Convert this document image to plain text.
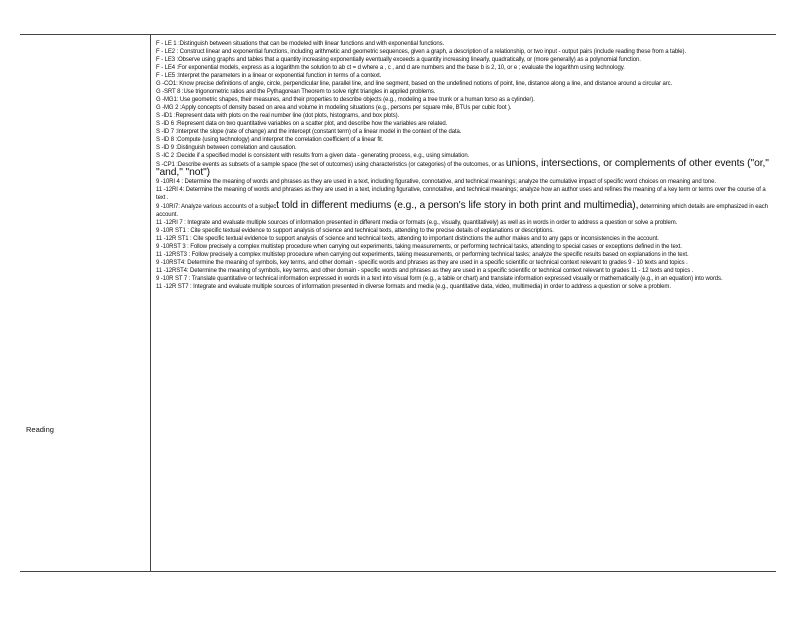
Reading

F - LE 1 :Distinguish between situations that can be modeled with linear functions and with exponential functions.

F - LE2 : Construct linear and exponential functions, including arithmetic and geometric sequences, given a graph, a description of a relationship, or two input - output pairs (include reading these from a table).

F - LE3 :Observe using graphs and tables that a quantity increasing exponentially eventually exceeds a quantity increasing linearly, quadratically, or (more generally) as a polynomial function.

F - LE4 :For exponential models, express as a logarithm the solution to ab ct = d where a , c , and d are numbers and the base b is 2, 10, or e ; evaluate the logarithm using technology.

F - LE5 :Interpret the parameters in a linear or exponential function in terms of a context.

G -CO1: Know precise definitions of angle, circle, perpendicular line, parallel line, and line segment, based on the undefined notions of point, line, distance along a line, and distance around a circular arc.

G -SRT 8 :Use trigonometric ratios and the Pythagorean Theorem to solve right triangles in applied problems.

G -MG1: Use geometric shapes, their measures, and their properties to describe objects (e.g., modeling a tree trunk or a human torso as a cylinder).

G -MG 2 :Apply concepts of density based on area and volume in modeling situations (e.g., persons per square mile, BTUs per cubic foot ).

S -ID1 :Represent data with plots on the real number line (dot plots, histograms, and box plots).

S -ID 6 :Represent data on two quantitative variables on a scatter plot, and describe how the variables are related.

S -ID 7 :Interpret the slope (rate of change) and the intercept (constant term) of a linear model in the context of the data.

S -ID 8 :Compute (using technology) and interpret the correlation coefficient of a linear fit.

S -ID 9 :Distinguish between correlation and causation.

S -IC 2 :Decide if a specified model is consistent with results from a given data - generating process, e.g., using simulation.

S -CP1 :Describe events as subsets of a sample space (the set of outcomes) using characteristics (or categories) of the outcomes, or as unions, intersections, or complements of other events ("or," "and," "not")

9 -10RI 4 : Determine the meaning of words and phrases as they are used in a text, including figurative, connotative, and technical meanings; analyze the cumulative impact of specific word choices on meaning and tone.

11 -12RI 4: Determine the meaning of words and phrases as they are used in a text, including figurative, connotative, and technical meanings; analyze how an author uses and refines the meaning of a key term or terms over the course of a text .

9 -10RI7: Analyze various accounts of a subject told in different mediums (e.g., a person's life story in both print and multimedia), determining which details are emphasized in each account.

11 -12RI 7 : Integrate and evaluate multiple sources of information presented in different media or formats (e.g., visually, quantitatively) as well as in words in order to address a question or solve a problem.

9 -10R ST1 : Cite specific textual evidence to support analysis of science and technical texts, attending to the precise details of explanations or descriptions.

11 -12R ST1 : Cite specific textual evidence to support analysis of science and technical texts, attending to important distinctions the author makes and to any gaps or inconsistencies in the account.

9 -10RST 3 : Follow precisely a complex multistep procedure when carrying out experiments, taking measurements, or performing technical tasks, attending to special cases or exceptions defined in the text.

11 -12RST3 : Follow precisely a complex multistep procedure when carrying out experiments, taking measurements, or performing technical tasks; analyze the specific results based on explanations in the text.

9 -10RST4: Determine the meaning of symbols, key terms, and other domain - specific words and phrases as they are used in a specific scientific or technical context relevant to grades 9 - 10 texts and topics .

11 -12RST4: Determine the meaning of symbols, key terms, and other domain - specific words and phrases as they are used in a specific scientific or technical context relevant to grades 11 - 12 texts and topics .

9 -10R ST 7 : Translate quantitative or technical information expressed in words in a text into visual form (e.g., a table or chart) and translate information expressed visually or mathematically (e.g., in an equation) into words.

11 -12R ST7 : Integrate and evaluate multiple sources of information presented in diverse formats and media (e.g., quantitative data, video, multimedia) in order to address a question or solve a problem.
